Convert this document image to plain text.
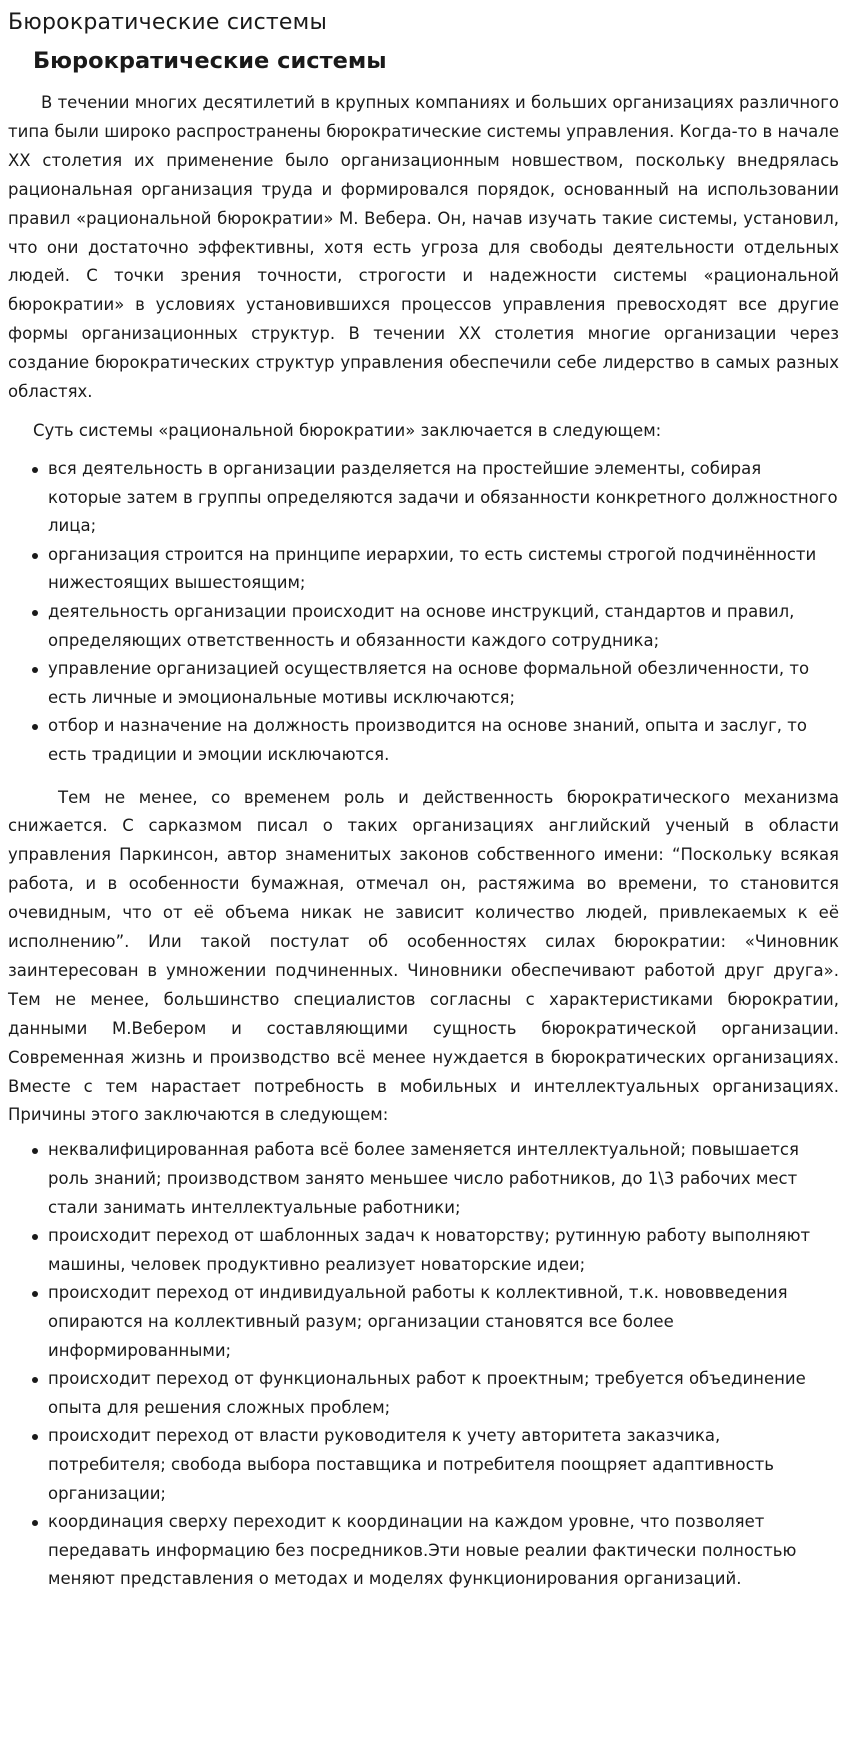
Бюрократические системы
Бюрократические системы

В течении многих десятилетий в крупных компаниях и больших организациях различного типа были широко распространены бюрократические системы управления. Когда-то в начале XX столетия их применение было организационным новшеством, поскольку внедрялась рациональная организация труда и формировался порядок, основанный на использовании правил «рациональной бюрократии» М. Вебера. Он, начав изучать такие системы, установил, что они достаточно эффективны, хотя есть угроза для свободы деятельности отдельных людей. С точки зрения точности, строгости и надежности системы «рациональной бюрократии» в условиях установившихся процессов управления превосходят все другие формы организационных структур. В течении XX столетия многие организации через создание бюрократических структур управления обеспечили себе лидерство в самых разных областях.

Суть системы «рациональной бюрократии» заключается в следующем:

вся деятельность в организации разделяется на простейшие элементы, собирая которые затем в группы определяются задачи и обязанности конкретного должностного лица;
организация строится на принципе иерархии, то есть системы строгой подчинённости нижестоящих вышестоящим;
деятельность организации происходит на основе инструкций, стандартов и правил, определяющих ответственность и обязанности каждого сотрудника;
управление организацией осуществляется на основе формальной обезличенности, то есть личные и эмоциональные мотивы исключаются;
отбор и назначение на должность производится на основе знаний, опыта и заслуг, то есть традиции и эмоции исключаются.

Тем не менее, со временем роль и действенность бюрократического механизма снижается. С сарказмом писал о таких организациях английский ученый в области управления Паркинсон, автор знаменитых законов собственного имени: “Поскольку всякая работа, и в особенности бумажная, отмечал он, растяжима во времени, то становится очевидным, что от её объема никак не зависит количество людей, привлекаемых к её исполнению”. Или такой постулат об особенностях силах бюрократии: «Чиновник заинтересован в умножении подчиненных. Чиновники обеспечивают работой друг друга». Тем не менее, большинство специалистов согласны с характеристиками бюрократии, данными М.Вебером и составляющими сущность бюрократической организации. Современная жизнь и производство всё менее нуждается в бюрократических организациях. Вместе с тем нарастает потребность в мобильных и интеллектуальных организациях. Причины этого заключаются в следующем:

неквалифицированная работа всё более заменяется интеллектуальной; повышается роль знаний; производством занято меньшее число работников, до 1\3 рабочих мест стали занимать интеллектуальные работники;
происходит переход от шаблонных задач к новаторству; рутинную работу выполняют машины, человек продуктивно реализует новаторские идеи;
происходит переход от индивидуальной работы к коллективной, т.к. нововведения опираются на коллективный разум; организации становятся все более информированными;
происходит переход от функциональных работ к проектным; требуется объединение опыта для решения сложных проблем;
происходит переход от власти руководителя к учету авторитета заказчика, потребителя; свобода выбора поставщика и потребителя поощряет адаптивность организации;
координация сверху переходит к координации на каждом уровне, что позволяет передавать информацию без посредников.Эти новые реалии фактически полностью меняют представления о методах и моделях функционирования организаций.
